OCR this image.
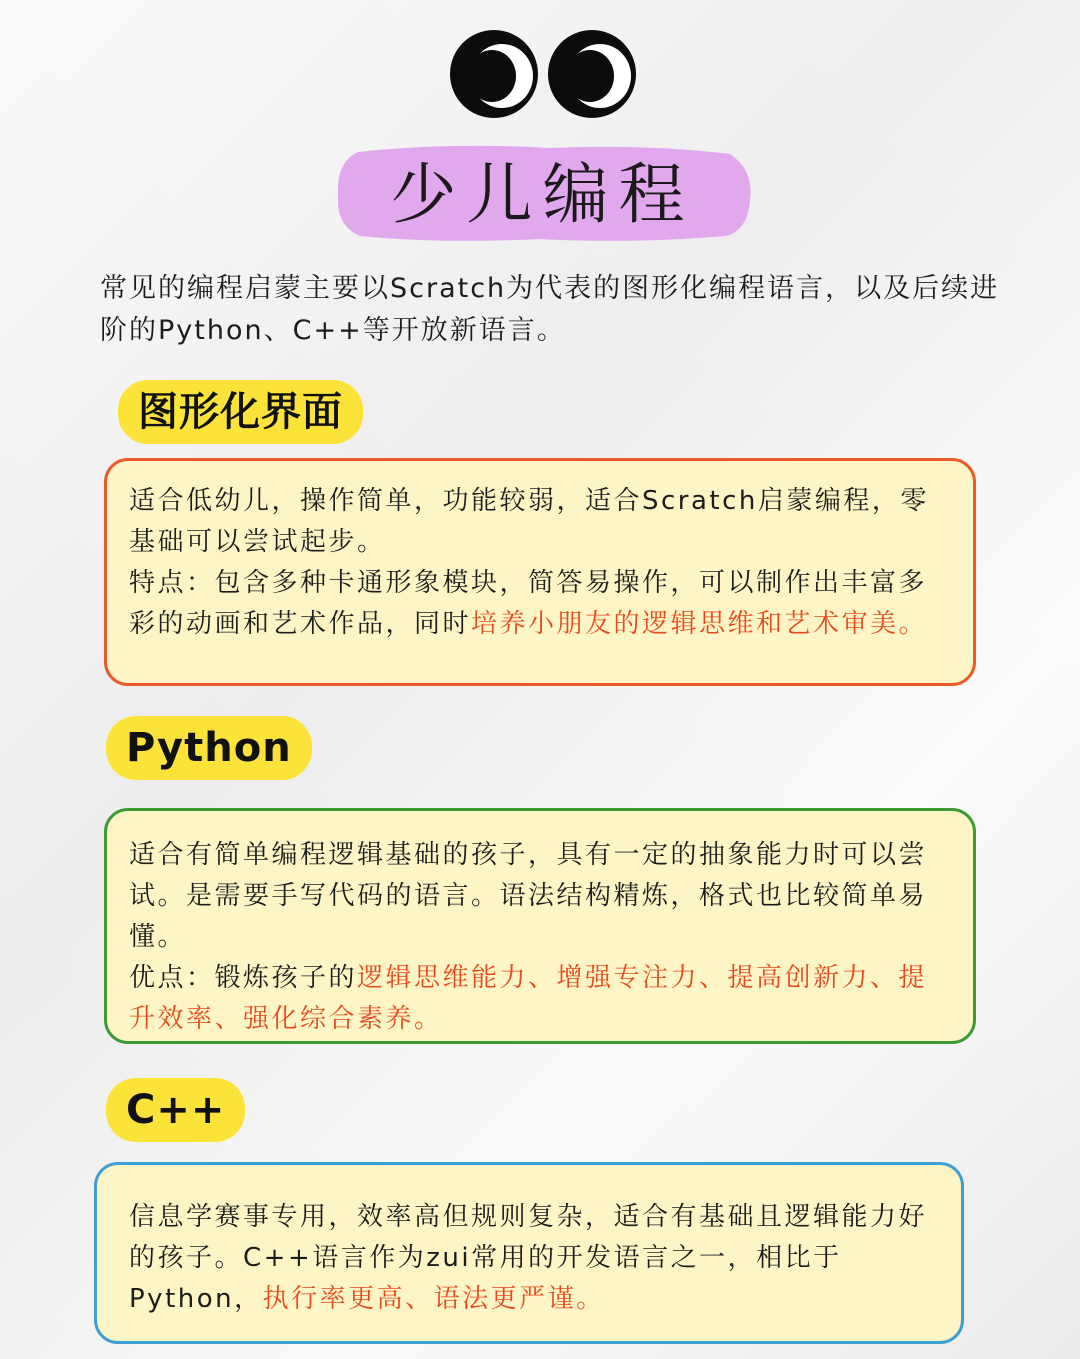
少儿编程

常见的编程启蒙主要以Scratch为代表的图形化编程语言，以及后续进阶的Python、C++等开放新语言。

图形化界面

适合低幼儿，操作简单，功能较弱，适合Scratch启蒙编程，零基础可以尝试起步。

特点：包含多种卡通形象模块，简答易操作，可以制作出丰富多彩的动画和艺术作品，同时培养小朋友的逻辑思维和艺术审美。

Python

适合有简单编程逻辑基础的孩子，具有一定的抽象能力时可以尝试。是需要手写代码的语言。语法结构精炼，格式也比较简单易懂。

优点：锻炼孩子的逻辑思维能力、增强专注力、提高创新力、提升效率、强化综合素养。

C++

信息学赛事专用，效率高但规则复杂，适合有基础且逻辑能力好的孩子。C++语言作为zui常用的开发语言之一，相比于Python，执行率更高、语法更严谨。
